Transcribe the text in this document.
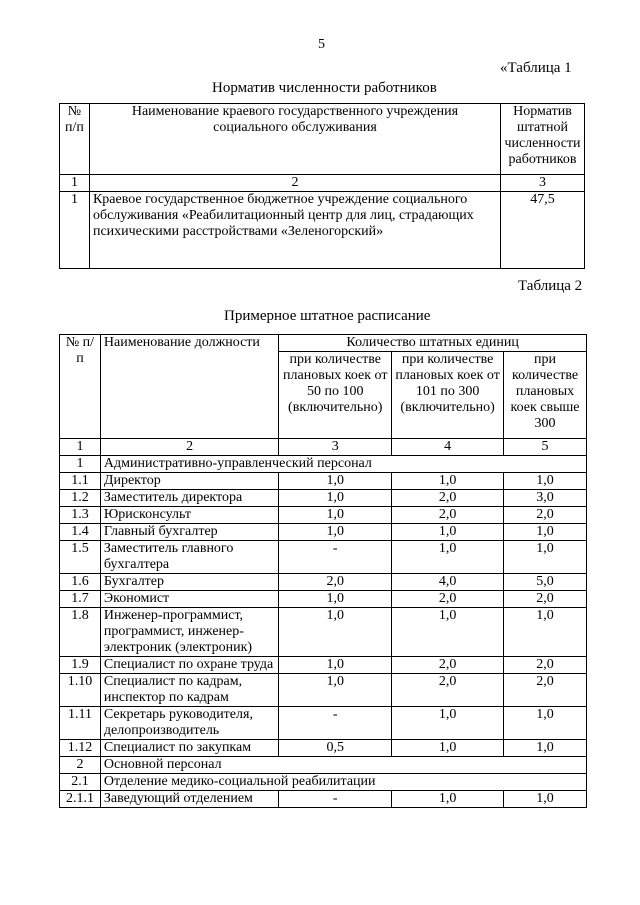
5
«Таблица 1
Норматив численности работников
№ п/п	Наименование краевого государственного учреждения социального обслуживания	Норматив штатной численности работников
1	2	3
1	Краевое государственное бюджетное учреждение социального обслуживания «Реабилитационный центр для лиц, страдающих психическими расстройствами «Зеленогорский»	47,5
Таблица 2
Примерное штатное расписание
№ п/п	Наименование должности	Количество штатных единиц		
		при количестве плановых коек от 50 по 100 (включительно)	при количестве плановых коек от 101 по 300 (включительно)	при количестве плановых коек свыше 300
1	2	3	4	5
1	Административно-управленческий персонал			
1.1	Директор	1,0	1,0	1,0
1.2	Заместитель директора	1,0	2,0	3,0
1.3	Юрисконсульт	1,0	2,0	2,0
1.4	Главный бухгалтер	1,0	1,0	1,0
1.5	Заместитель главного бухгалтера	-	1,0	1,0
1.6	Бухгалтер	2,0	4,0	5,0
1.7	Экономист	1,0	2,0	2,0
1.8	Инженер-программист, программист, инженер-электроник (электроник)	1,0	1,0	1,0
1.9	Специалист по охране труда	1,0	2,0	2,0
1.10	Специалист по кадрам, инспектор по кадрам	1,0	2,0	2,0
1.11	Секретарь руководителя, делопроизводитель	-	1,0	1,0
1.12	Специалист по закупкам	0,5	1,0	1,0
2	Основной персонал			
2.1	Отделение медико-социальной реабилитации			
2.1.1	Заведующий отделением	-	1,0	1,0
